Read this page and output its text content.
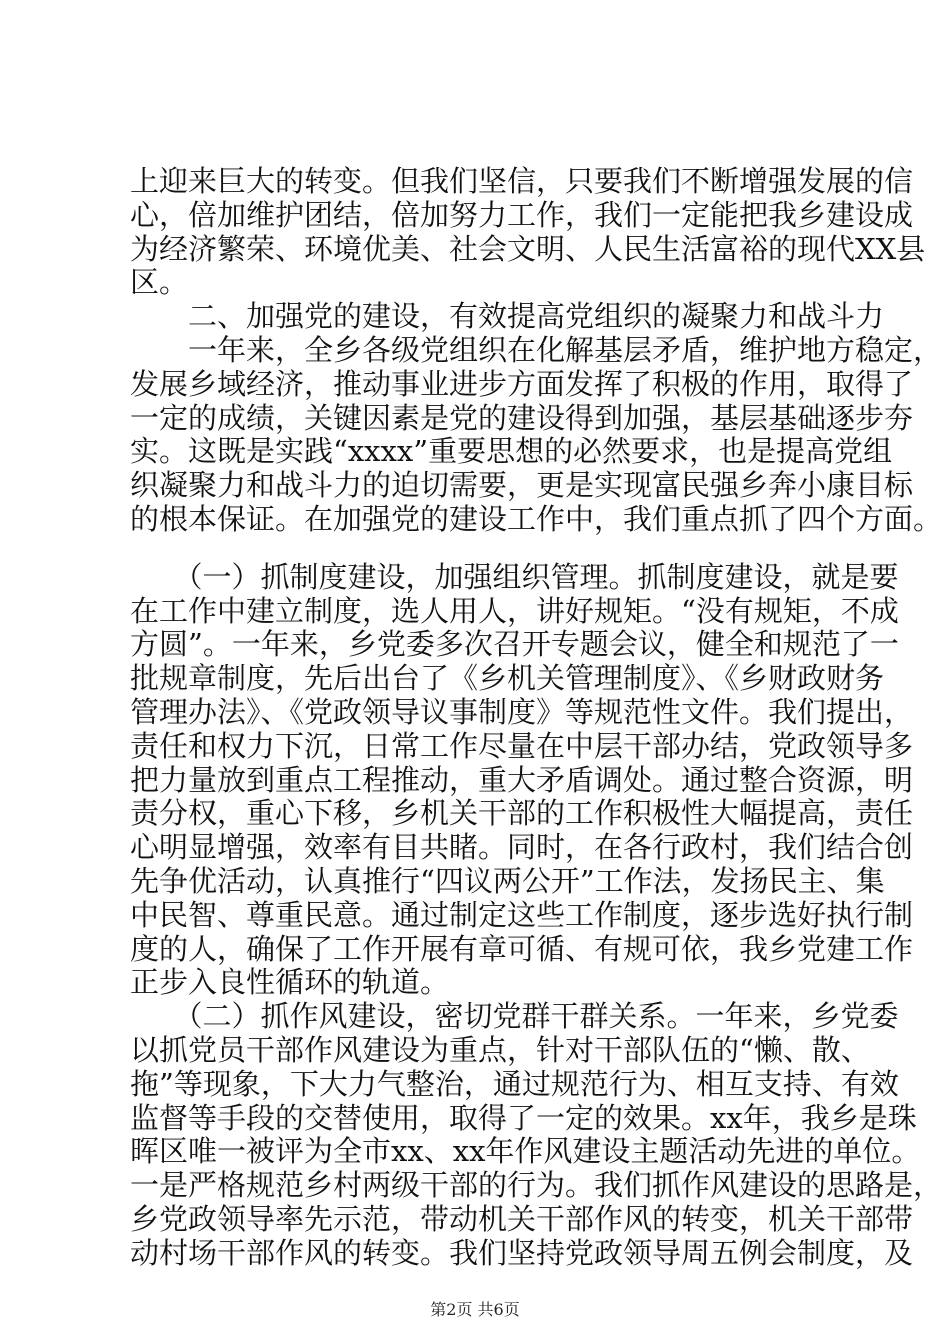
上迎来巨大的转变。但我们坚信，只要我们不断增强发展的信
心，倍加维护团结，倍加努力工作，我们一定能把我乡建设成
为经济繁荣、环境优美、社会文明、人民生活富裕的现代XX县
区。
　　二、加强党的建设，有效提高党组织的凝聚力和战斗力
　　一年来，全乡各级党组织在化解基层矛盾，维护地方稳定，
发展乡域经济，推动事业进步方面发挥了积极的作用，取得了
一定的成绩，关键因素是党的建设得到加强，基层基础逐步夯
实。这既是实践“xxxx”重要思想的必然要求，也是提高党组
织凝聚力和战斗力的迫切需要，更是实现富民强乡奔小康目标
的根本保证。在加强党的建设工作中，我们重点抓了四个方面。
　　（一）抓制度建设，加强组织管理。抓制度建设，就是要
在工作中建立制度，选人用人，讲好规矩。“没有规矩，不成
方圆”。一年来，乡党委多次召开专题会议，健全和规范了一
批规章制度，先后出台了《乡机关管理制度》、《乡财政财务
管理办法》、《党政领导议事制度》等规范性文件。我们提出，
责任和权力下沉，日常工作尽量在中层干部办结，党政领导多
把力量放到重点工程推动，重大矛盾调处。通过整合资源，明
责分权，重心下移，乡机关干部的工作积极性大幅提高，责任
心明显增强，效率有目共睹。同时，在各行政村，我们结合创
先争优活动，认真推行“四议两公开”工作法，发扬民主、集
中民智、尊重民意。通过制定这些工作制度，逐步选好执行制
度的人，确保了工作开展有章可循、有规可依，我乡党建工作
正步入良性循环的轨道。
　　（二）抓作风建设，密切党群干群关系。一年来，乡党委
以抓党员干部作风建设为重点，针对干部队伍的“懒、散、
拖”等现象，下大力气整治，通过规范行为、相互支持、有效
监督等手段的交替使用，取得了一定的效果。xx年，我乡是珠
晖区唯一被评为全市xx、xx年作风建设主题活动先进的单位。
一是严格规范乡村两级干部的行为。我们抓作风建设的思路是，
乡党政领导率先示范，带动机关干部作风的转变，机关干部带
动村场干部作风的转变。我们坚持党政领导周五例会制度，及
第2页 共6页
